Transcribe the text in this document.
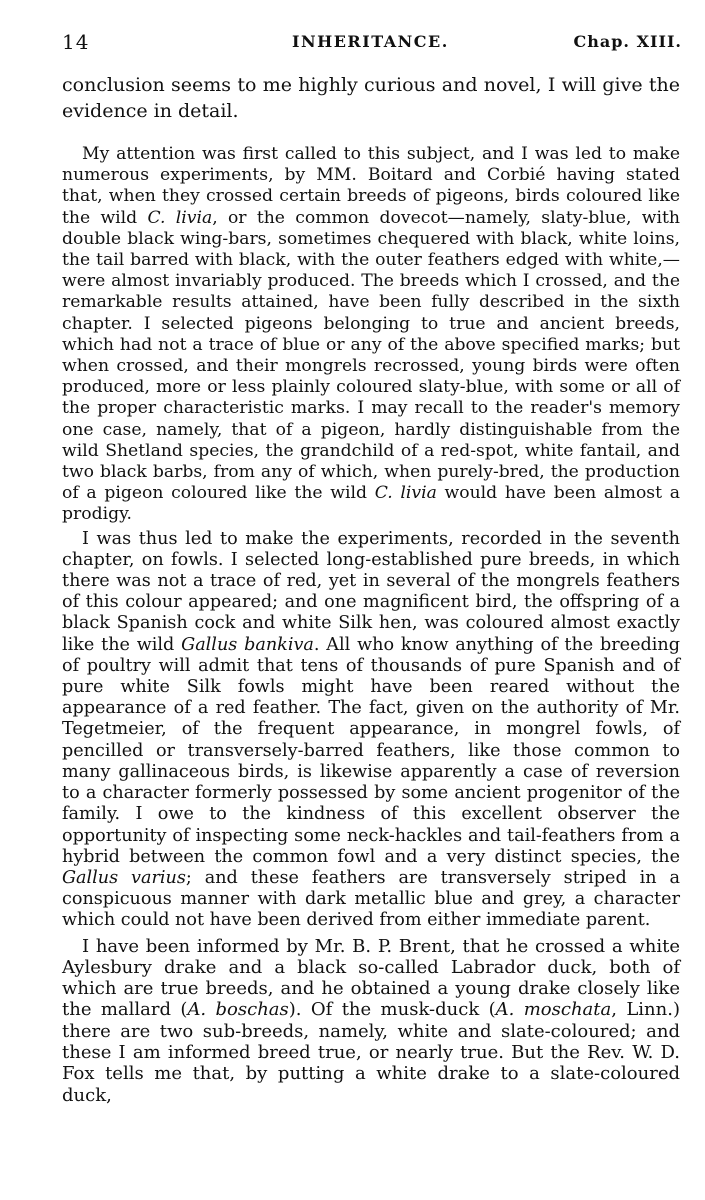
14	INHERITANCE.	Chap. XIII.

conclusion seems to me highly curious and novel, I will give the evidence in detail.

My attention was first called to this subject, and I was led to make numerous experiments, by MM. Boitard and Corbié having stated that, when they crossed certain breeds of pigeons, birds coloured like the wild C. livia, or the common dovecot—namely, slaty-blue, with double black wing-bars, sometimes chequered with black, white loins, the tail barred with black, with the outer feathers edged with white,—were almost invariably produced. The breeds which I crossed, and the remarkable results attained, have been fully described in the sixth chapter. I selected pigeons belonging to true and ancient breeds, which had not a trace of blue or any of the above specified marks; but when crossed, and their mongrels recrossed, young birds were often produced, more or less plainly coloured slaty-blue, with some or all of the proper characteristic marks. I may recall to the reader's memory one case, namely, that of a pigeon, hardly distinguishable from the wild Shetland species, the grandchild of a red-spot, white fantail, and two black barbs, from any of which, when purely-bred, the production of a pigeon coloured like the wild C. livia would have been almost a prodigy.

I was thus led to make the experiments, recorded in the seventh chapter, on fowls. I selected long-established pure breeds, in which there was not a trace of red, yet in several of the mongrels feathers of this colour appeared; and one magnificent bird, the offspring of a black Spanish cock and white Silk hen, was coloured almost exactly like the wild Gallus bankiva. All who know anything of the breeding of poultry will admit that tens of thousands of pure Spanish and of pure white Silk fowls might have been reared without the appearance of a red feather. The fact, given on the authority of Mr. Tegetmeier, of the frequent appearance, in mongrel fowls, of pencilled or transversely-barred feathers, like those common to many gallinaceous birds, is likewise apparently a case of reversion to a character formerly possessed by some ancient progenitor of the family. I owe to the kindness of this excellent observer the opportunity of inspecting some neck-hackles and tail-feathers from a hybrid between the common fowl and a very distinct species, the Gallus varius; and these feathers are transversely striped in a conspicuous manner with dark metallic blue and grey, a character which could not have been derived from either immediate parent.

I have been informed by Mr. B. P. Brent, that he crossed a white Aylesbury drake and a black so-called Labrador duck, both of which are true breeds, and he obtained a young drake closely like the mallard (A. boschas). Of the musk-duck (A. moschata, Linn.) there are two sub-breeds, namely, white and slate-coloured; and these I am informed breed true, or nearly true. But the Rev. W. D. Fox tells me that, by putting a white drake to a slate-coloured duck,
